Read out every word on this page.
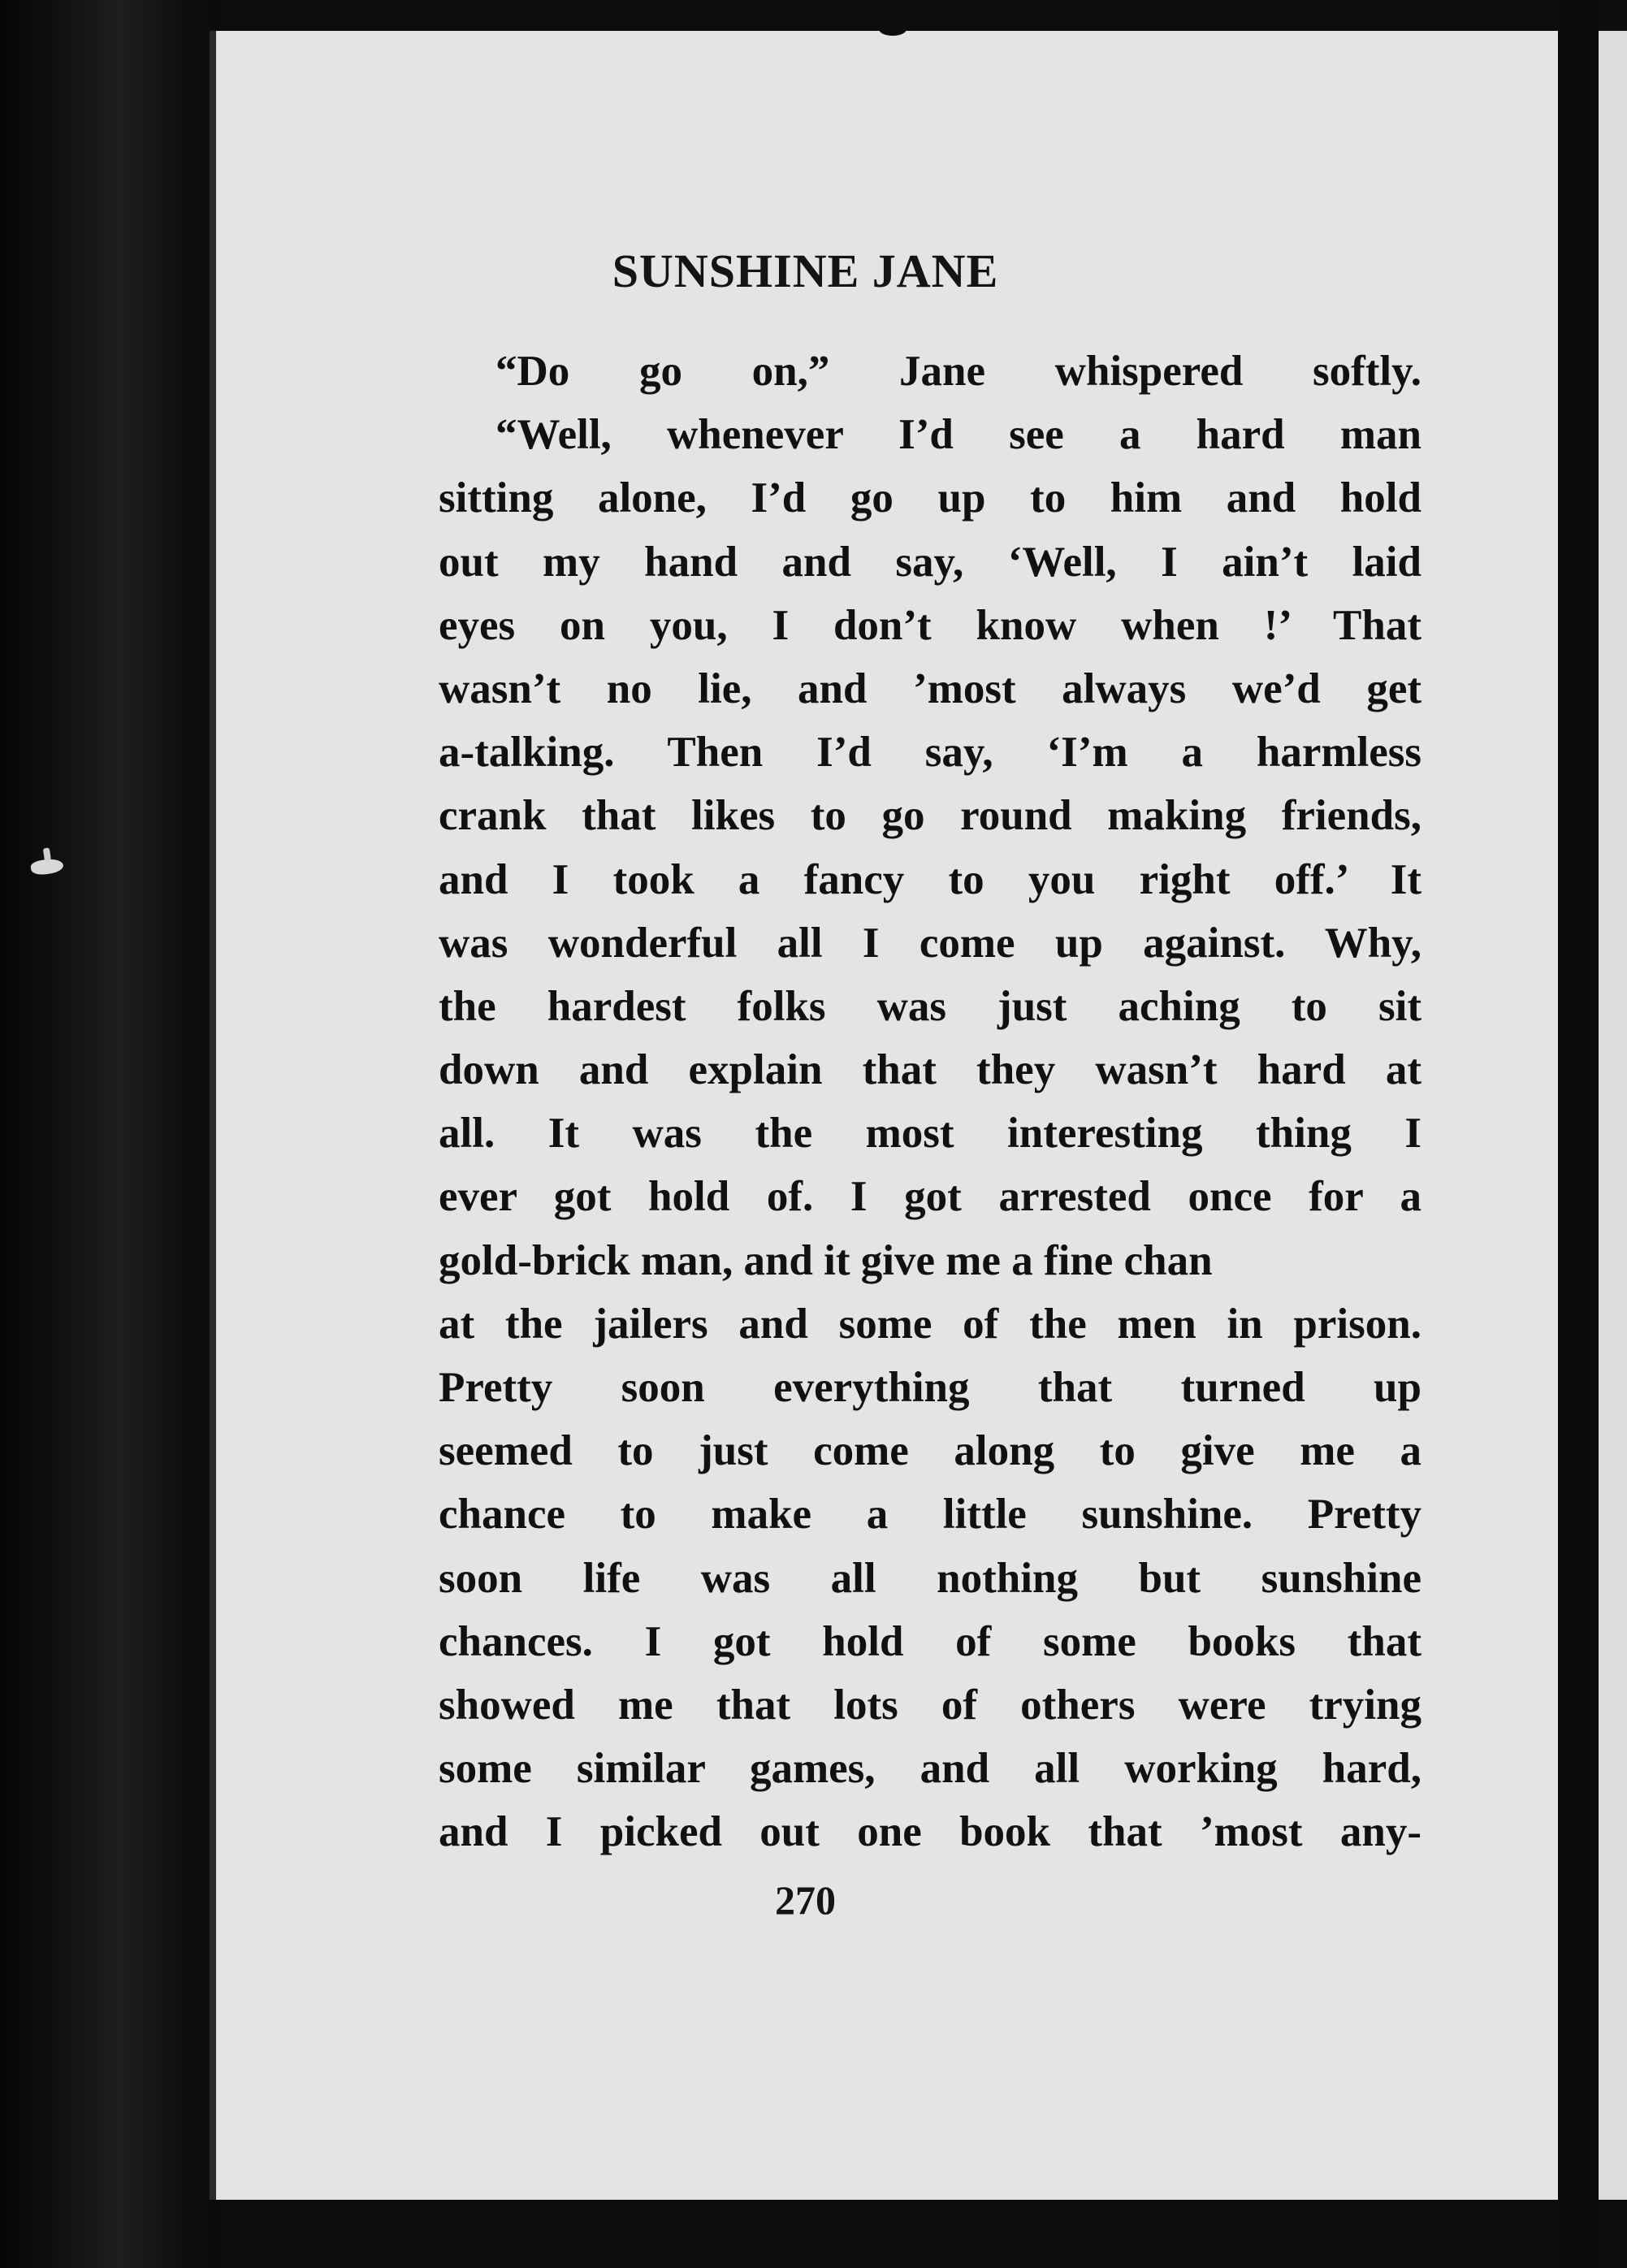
SUNSHINE JANE
“Do go on,” Jane whispered softly.
“Well, whenever I’d see a hard man
sitting alone, I’d go up to him and hold
out my hand and say, ‘Well, I ain’t laid
eyes on you, I don’t know when !’ That
wasn’t no lie, and ’most always we’d get
a-talking. Then I’d say, ‘I’m a harmless
crank that likes to go round making friends,
and I took a fancy to you right off.’ It
was wonderful all I come up against. Why,
the hardest folks was just aching to sit
down and explain that they wasn’t hard at
all. It was the most interesting thing I
ever got hold of. I got arrested once for a
gold-brick man, and it give me a fine chan
at the jailers and some of the men in prison.
Pretty soon everything that turned up
seemed to just come along to give me a
chance to make a little sunshine. Pretty
soon life was all nothing but sunshine
chances. I got hold of some books that
showed me that lots of others were trying
some similar games, and all working hard,
and I picked out one book that ’most any-
270
